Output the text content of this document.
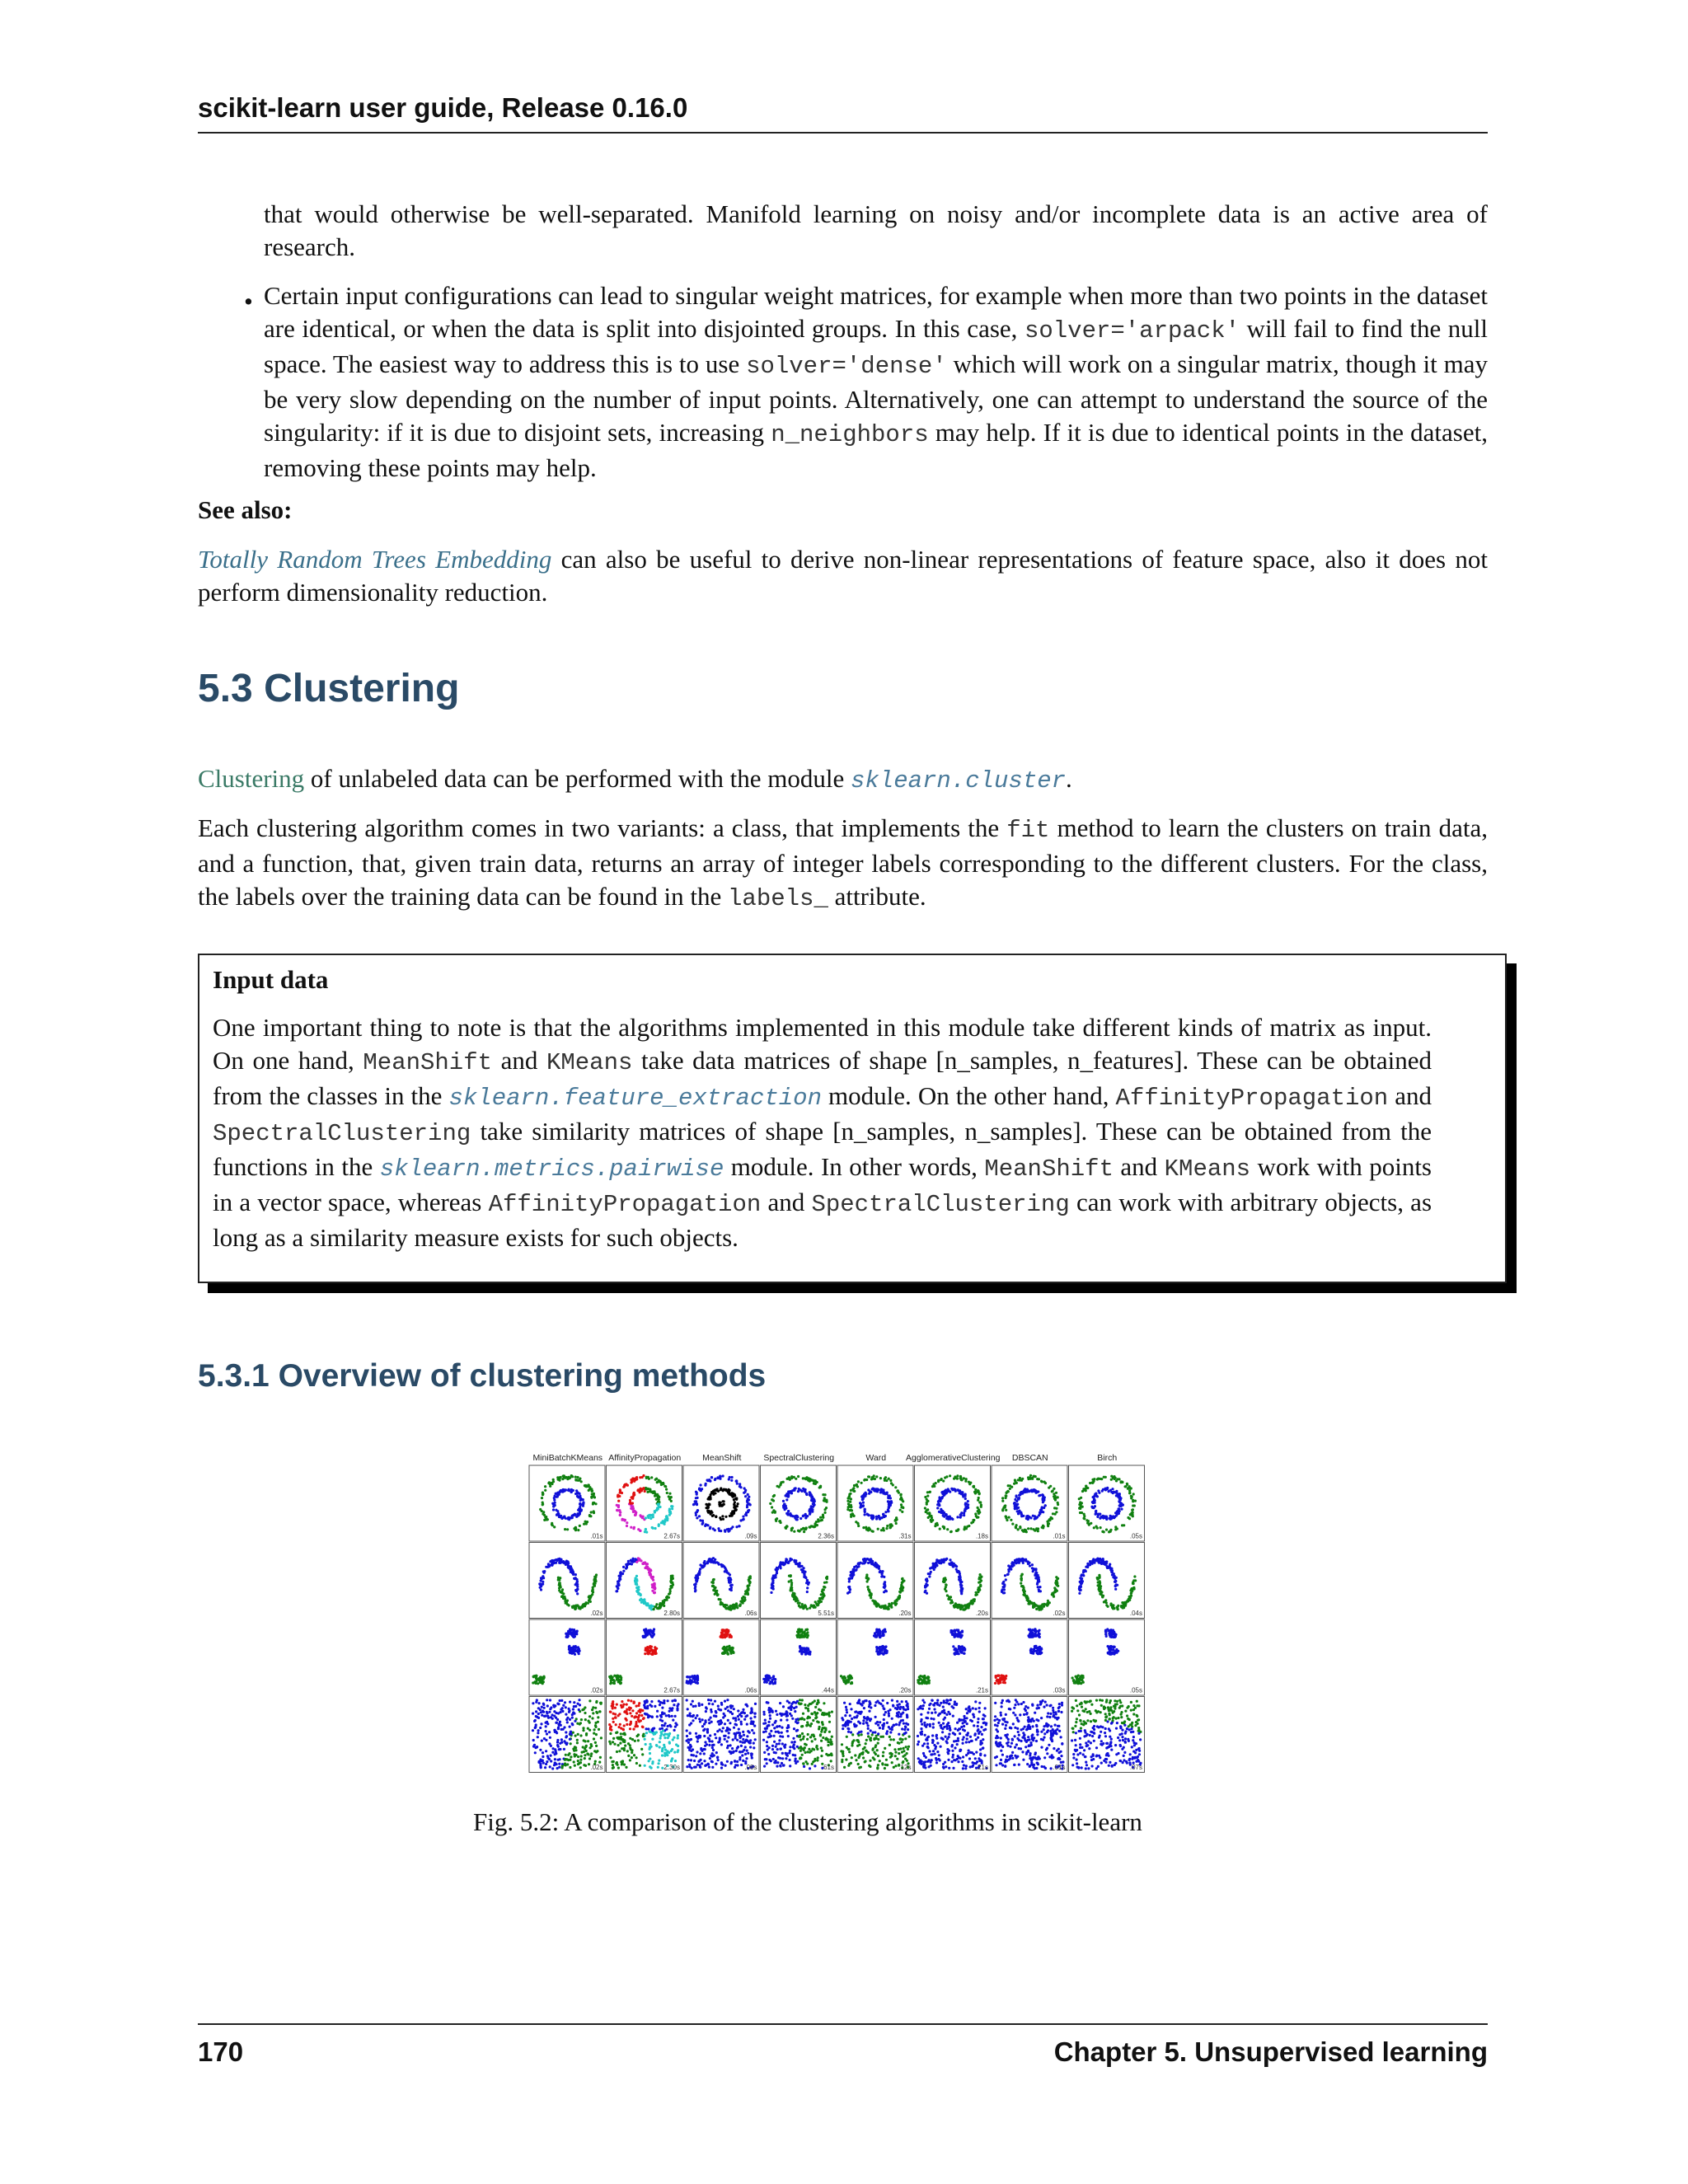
scikit-learn user guide, Release 0.16.0
that would otherwise be well-separated. Manifold learning on noisy and/or incomplete data is an active area of research.
• Certain input configurations can lead to singular weight matrices, for example when more than two points in the dataset are identical, or when the data is split into disjointed groups. In this case, solver='arpack' will fail to find the null space. The easiest way to address this is to use solver='dense' which will work on a singular matrix, though it may be very slow depending on the number of input points. Alternatively, one can attempt to understand the source of the singularity: if it is due to disjoint sets, increasing n_neighbors may help. If it is due to identical points in the dataset, removing these points may help.
See also:
Totally Random Trees Embedding can also be useful to derive non-linear representations of feature space, also it does not perform dimensionality reduction.
5.3 Clustering
Clustering of unlabeled data can be performed with the module sklearn.cluster.
Each clustering algorithm comes in two variants: a class, that implements the fit method to learn the clusters on train data, and a function, that, given train data, returns an array of integer labels corresponding to the different clusters. For the class, the labels over the training data can be found in the labels_ attribute.
Input data
One important thing to note is that the algorithms implemented in this module take different kinds of matrix as input. On one hand, MeanShift and KMeans take data matrices of shape [n_samples, n_features]. These can be obtained from the classes in the sklearn.feature_extraction module. On the other hand, AffinityPropagation and SpectralClustering take similarity matrices of shape [n_samples, n_samples]. These can be obtained from the functions in the sklearn.metrics.pairwise module. In other words, MeanShift and KMeans work with points in a vector space, whereas AffinityPropagation and SpectralClustering can work with arbitrary objects, as long as a similarity measure exists for such objects.
5.3.1 Overview of clustering methods
MiniBatchKMeans AffinityPropagation MeanShift	SpectralClustering	Ward AgglomerativeClustering DBSCAN	Birch
.01s	2.67s	.09s	2.36s	.31s	.18s	.01s	.05s
.02s	2.80s	.06s	5.51s	.20s	.20s	.02s	.04s
.02s	2.67s	.06s	.44s	.20s	.21s	.03s	.05s
.02s	2.30s	.08s	.61s	.12s	.21s	.01s	.07s
Fig. 5.2: A comparison of the clustering algorithms in scikit-learn
170	Chapter 5. Unsupervised learning
